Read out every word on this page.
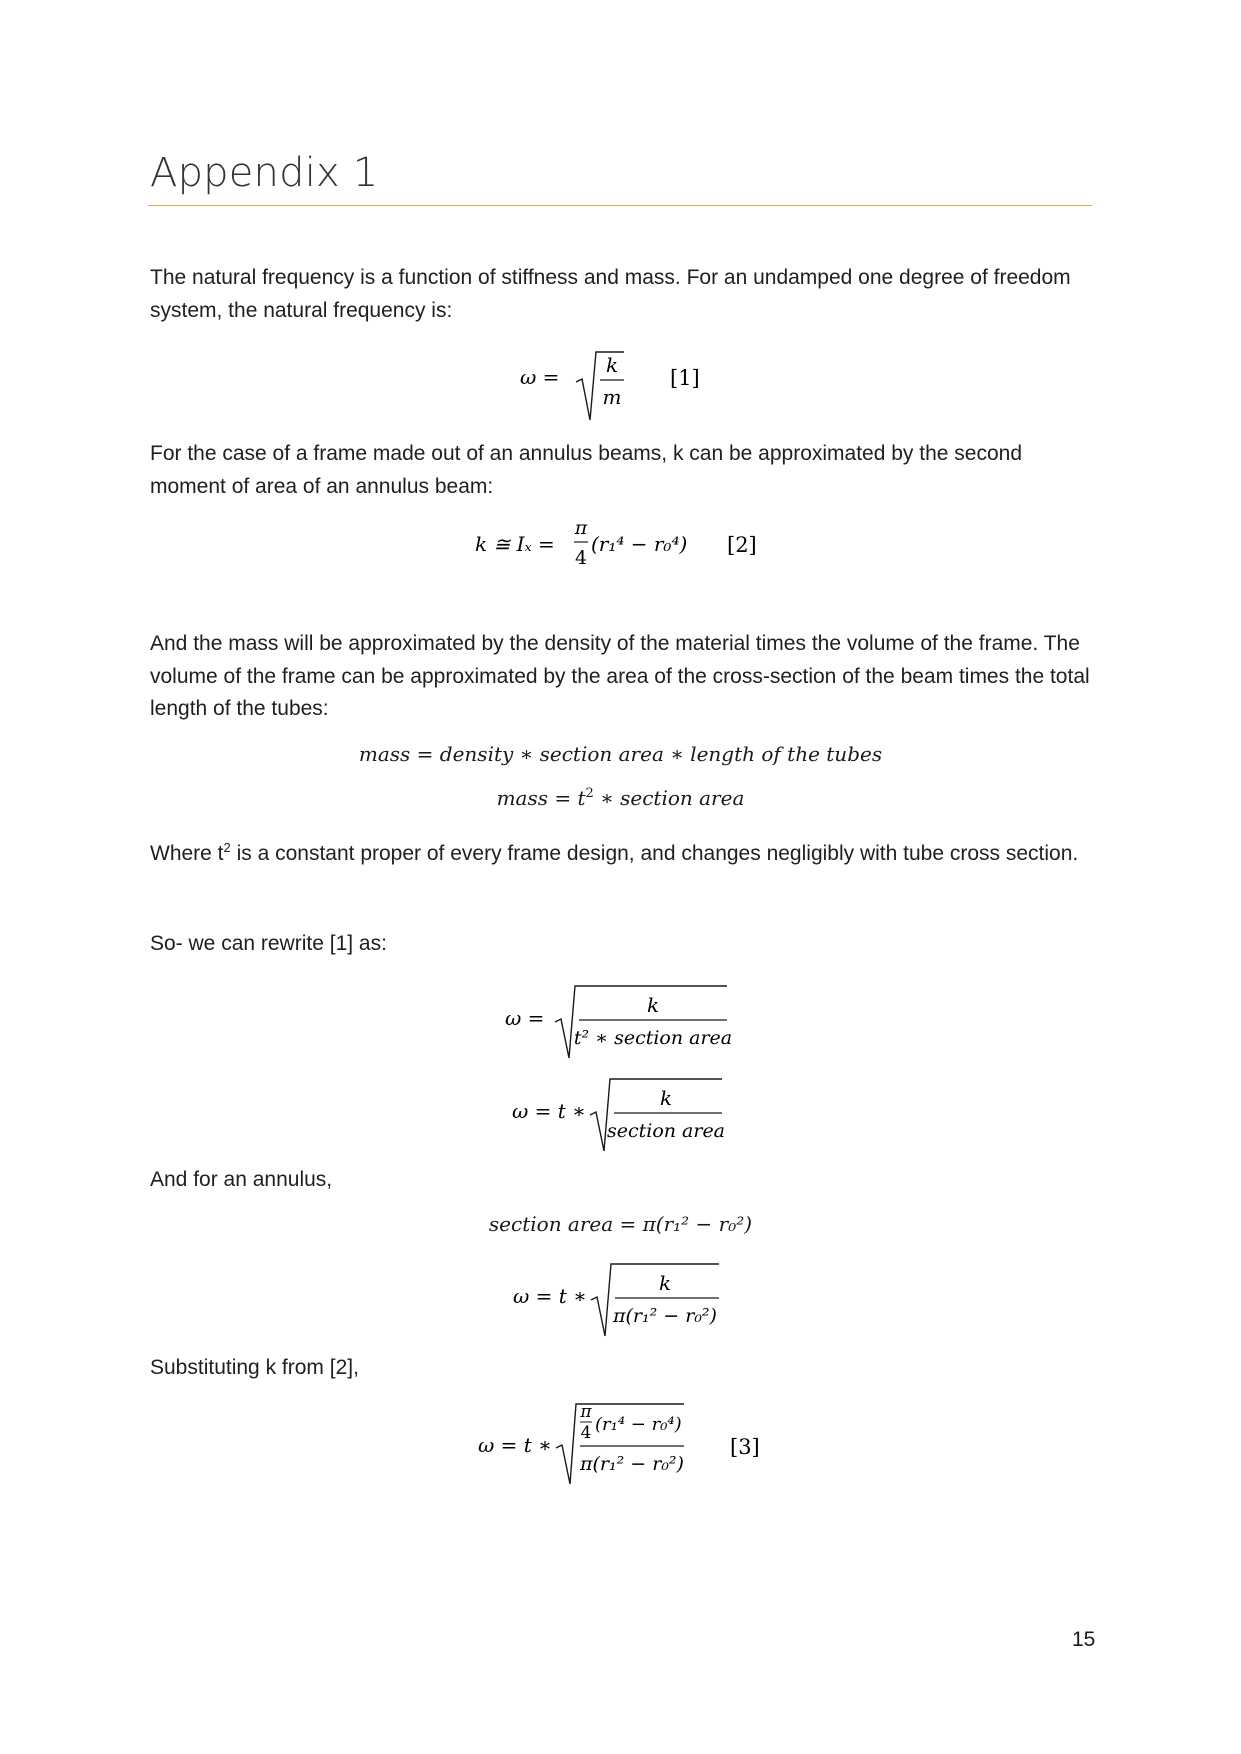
Appendix 1
The natural frequency is a function of stiffness and mass. For an undamped one degree of freedom system, the natural frequency is:
ω = k
m
[1]
For the case of a frame made out of an annulus beams, k can be approximated by the second moment of area of an annulus beam:
k ≅ Iₓ =
π
4
(r₁⁴ − r₀⁴) [2]
And the mass will be approximated by the density of the material times the volume of the frame. The volume of the frame can be approximated by the area of the cross-section of the beam times the total length of the tubes:
mass = density ∗ section area ∗ length of the tubes
mass = $t^2$ ∗ section area
Where $t^2$ is a constant proper of every frame design, and changes negligibly with tube cross section.
So- we can rewrite [1] as:
ω =
k
t² ∗ section area
ω = t ∗
k
section area
And for an annulus,
section area = π(r₁² − r₀²)
ω = t ∗
k
π(r₁² − r₀²)
Substituting k from [2],
ω = t ∗
π
4 (r₁⁴ − r₀⁴)
π(r₁² − r₀²)
[3]
15
